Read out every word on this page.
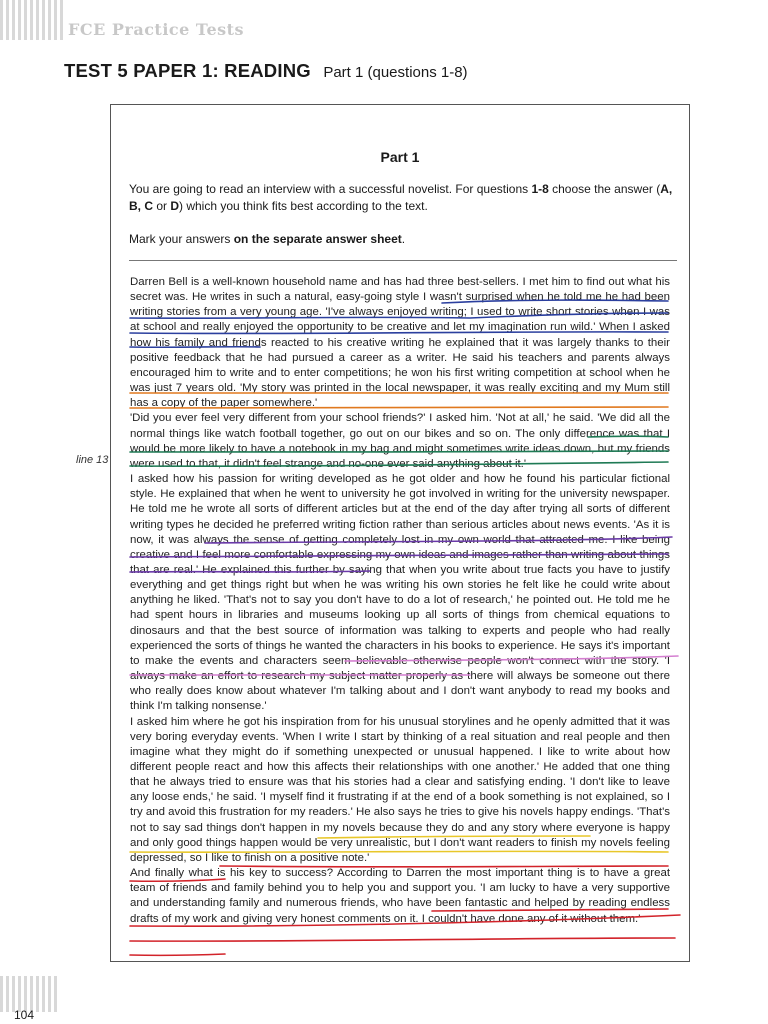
FCE Practice Tests
TEST 5 PAPER 1: READING Part 1 (questions 1-8)
Part 1
You are going to read an interview with a successful novelist. For questions 1-8 choose the answer (A, B, C or D) which you think fits best according to the text.
Mark your answers on the separate answer sheet.

Darren Bell is a well-known household name and has had three best-sellers. I met him to find out what his secret was. He writes in such a natural, easy-going style I wasn't surprised when he told me he had been writing stories from a very young age. 'I've always enjoyed writing; I used to write short stories when I was at school and really enjoyed the opportunity to be creative and let my imagination run wild.' When I asked how his family and friends reacted to his creative writing he explained that it was largely thanks to their positive feedback that he had pursued a career as a writer. He said his teachers and parents always encouraged him to write and to enter competitions; he won his first writing competition at school when he was just 7 years old. 'My story was printed in the local newspaper, it was really exciting and my Mum still has a copy of the paper somewhere.'

'Did you ever feel very different from your school friends?' I asked him. 'Not at all,' he said. 'We did all the normal things like watch football together, go out on our bikes and so on. The only difference was that I would be more likely to have a notebook in my bag and might sometimes write ideas down, but my friends were used to that, it didn't feel strange and no-one ever said anything about it.'

I asked how his passion for writing developed as he got older and how he found his particular fictional style. He explained that when he went to university he got involved in writing for the university newspaper. He told me he wrote all sorts of different articles but at the end of the day after trying all sorts of different writing types he decided he preferred writing fiction rather than serious articles about news events. 'As it is now, it was always the sense of getting completely lost in my own world that attracted me. I like being creative and I feel more comfortable expressing my own ideas and images rather than writing about things that are real.' He explained this further by saying that when you write about true facts you have to justify everything and get things right but when he was writing his own stories he felt like he could write about anything he liked. 'That's not to say you don't have to do a lot of research,' he pointed out. He told me he had spent hours in libraries and museums looking up all sorts of things from chemical equations to dinosaurs and that the best source of information was talking to experts and people who had really experienced the sorts of things he wanted the characters in his books to experience. He says it's important to make the events and characters seem believable otherwise people won't connect with the story. 'I always make an effort to research my subject matter properly as there will always be someone out there who really does know about whatever I'm talking about and I don't want anybody to read my books and think I'm talking nonsense.'

I asked him where he got his inspiration from for his unusual storylines and he openly admitted that it was very boring everyday events. 'When I write I start by thinking of a real situation and real people and then imagine what they might do if something unexpected or unusual happened. I like to write about how different people react and how this affects their relationships with one another.' He added that one thing that he always tried to ensure was that his stories had a clear and satisfying ending. 'I don't like to leave any loose ends,' he said. 'I myself find it frustrating if at the end of a book something is not explained, so I try and avoid this frustration for my readers.' He also says he tries to give his novels happy endings. 'That's not to say sad things don't happen in my novels because they do and any story where everyone is happy and only good things happen would be very unrealistic, but I don't want readers to finish my novels feeling depressed, so I like to finish on a positive note.'

And finally what is his key to success? According to Darren the most important thing is to have a great team of friends and family behind you to help you and support you. 'I am lucky to have a very supportive and understanding family and numerous friends, who have been fantastic and helped by reading endless drafts of my work and giving very honest comments on it. I couldn't have done any of it without them.'

line 13
104
